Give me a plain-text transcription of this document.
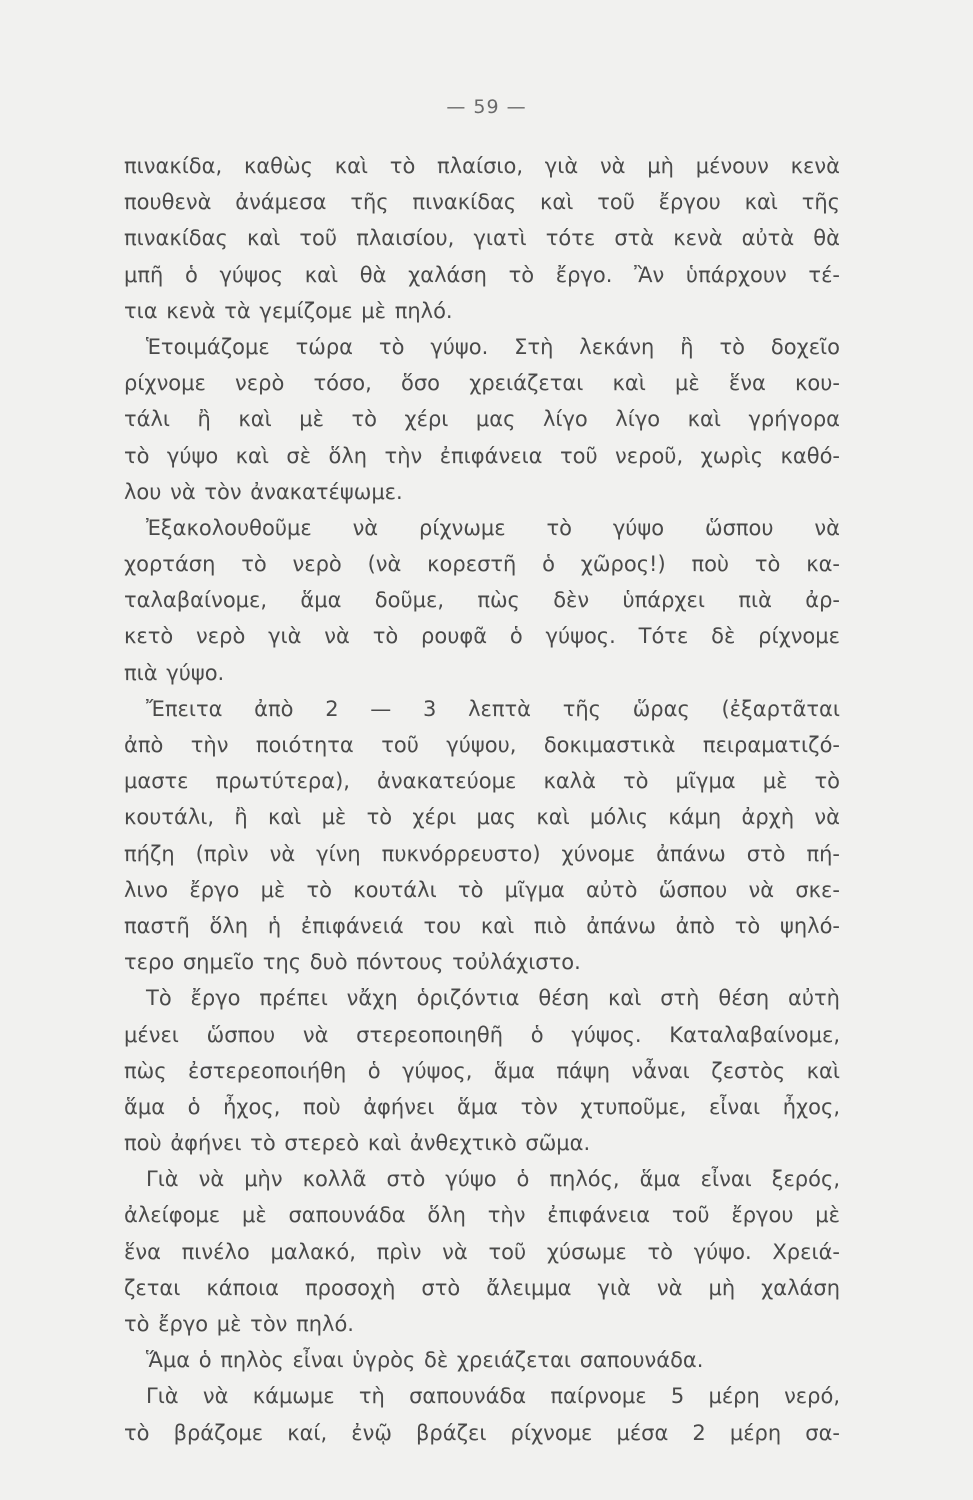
— 59 —
πινακίδα, καθὼς καὶ τὸ πλαίσιο, γιὰ νὰ μὴ μένουν κενὰ
πουθενὰ ἀνάμεσα τῆς πινακίδας καὶ τοῦ ἔργου καὶ τῆς
πινακίδας καὶ τοῦ πλαισίου, γιατὶ τότε στὰ κενὰ αὐτὰ θὰ
μπῆ ὁ γύψος καὶ θὰ χαλάση τὸ ἔργο. Ἂν ὑπάρχουν τέ-
τια κενὰ τὰ γεμίζομε μὲ πηλό.
Ἑτοιμάζομε τώρα τὸ γύψο. Στὴ λεκάνη ἢ τὸ δοχεῖο
ρίχνομε νερὸ τόσο, ὅσο χρειάζεται καὶ μὲ ἕνα κου-
τάλι ἢ καὶ μὲ τὸ χέρι μας λίγο λίγο καὶ γρήγορα
τὸ γύψο καὶ σὲ ὅλη τὴν ἐπιφάνεια τοῦ νεροῦ, χωρὶς καθό-
λου νὰ τὸν ἀνακατέψωμε.
Ἐξακολουθοῦμε νὰ ρίχνωμε τὸ γύψο ὥσπου νὰ
χορτάση τὸ νερὸ (νὰ κορεστῆ ὁ χῶρος!) ποὺ τὸ κα-
ταλαβαίνομε, ἅμα δοῦμε, πὼς δὲν ὑπάρχει πιὰ ἀρ-
κετὸ νερὸ γιὰ νὰ τὸ ρουφᾶ ὁ γύψος. Τότε δὲ ρίχνομε
πιὰ γύψο.
Ἔπειτα ἀπὸ 2 — 3 λεπτὰ τῆς ὥρας (ἐξαρτᾶται
ἀπὸ τὴν ποιότητα τοῦ γύψου, δοκιμαστικὰ πειραματιζό-
μαστε πρωτύτερα), ἀνακατεύομε καλὰ τὸ μῖγμα μὲ τὸ
κουτάλι, ἢ καὶ μὲ τὸ χέρι μας καὶ μόλις κάμη ἀρχὴ νὰ
πήζη (πρὶν νὰ γίνη πυκνόρρευστο) χύνομε ἀπάνω στὸ πή-
λινο ἔργο μὲ τὸ κουτάλι τὸ μῖγμα αὐτὸ ὥσπου νὰ σκε-
παστῆ ὅλη ἡ ἐπιφάνειά του καὶ πιὸ ἀπάνω ἀπὸ τὸ ψηλό-
τερο σημεῖο της δυὸ πόντους τοὐλάχιστο.
Τὸ ἔργο πρέπει νἄχη ὁριζόντια θέση καὶ στὴ θέση αὐτὴ
μένει ὥσπου νὰ στερεοποιηθῆ ὁ γύψος. Καταλαβαίνομε,
πὼς ἐστερεοποιήθη ὁ γύψος, ἅμα πάψη νἆναι ζεστὸς καὶ
ἅμα ὁ ἦχος, ποὺ ἀφήνει ἅμα τὸν χτυποῦμε, εἶναι ἦχος,
ποὺ ἀφήνει τὸ στερεὸ καὶ ἀνθεχτικὸ σῶμα.
Γιὰ νὰ μὴν κολλᾶ στὸ γύψο ὁ πηλός, ἅμα εἶναι ξερός,
ἀλείφομε μὲ σαπουνάδα ὅλη τὴν ἐπιφάνεια τοῦ ἔργου μὲ
ἕνα πινέλο μαλακό, πρὶν νὰ τοῦ χύσωμε τὸ γύψο. Χρειά-
ζεται κάποια προσοχὴ στὸ ἄλειμμα γιὰ νὰ μὴ χαλάση
τὸ ἔργο μὲ τὸν πηλό.
Ἅμα ὁ πηλὸς εἶναι ὑγρὸς δὲ χρειάζεται σαπουνάδα.
Γιὰ νὰ κάμωμε τὴ σαπουνάδα παίρνομε 5 μέρη νερό,
τὸ βράζομε καί, ἐνῷ βράζει ρίχνομε μέσα 2 μέρη σα-
